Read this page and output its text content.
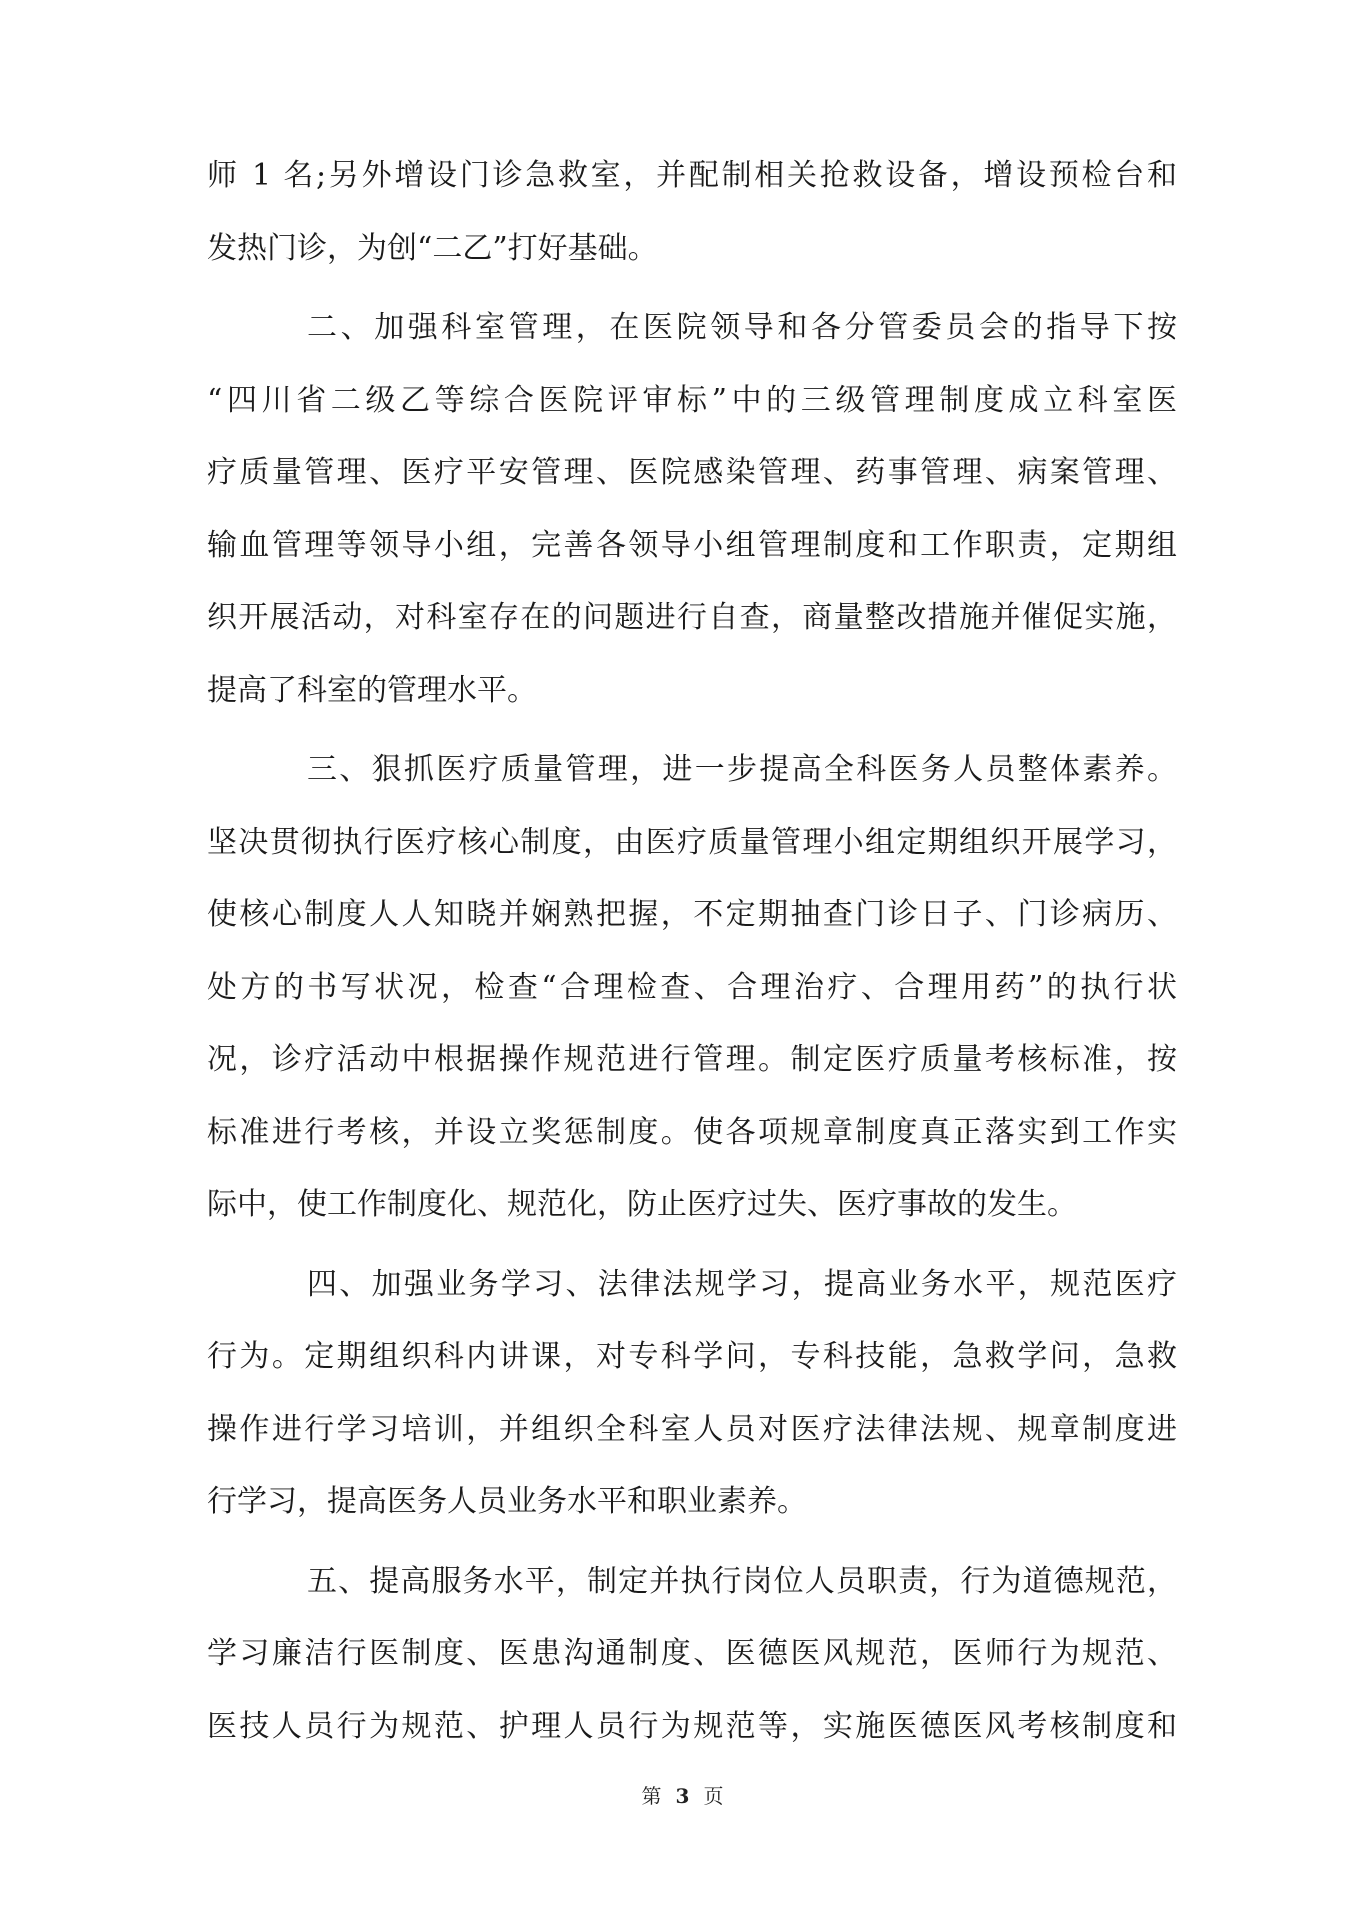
师 1 名;另外增设门诊急救室，并配制相关抢救设备，增设预检台和
发热门诊，为创“二乙”打好基础。
二、加强科室管理，在医院领导和各分管委员会的指导下按
“四川省二级乙等综合医院评审标”中的三级管理制度成立科室医
疗质量管理、医疗平安管理、医院感染管理、药事管理、病案管理、
输血管理等领导小组，完善各领导小组管理制度和工作职责，定期组
织开展活动，对科室存在的问题进行自查，商量整改措施并催促实施，
提高了科室的管理水平。
三、狠抓医疗质量管理，进一步提高全科医务人员整体素养。
坚决贯彻执行医疗核心制度，由医疗质量管理小组定期组织开展学习，
使核心制度人人知晓并娴熟把握，不定期抽查门诊日子、门诊病历、
处方的书写状况，检查“合理检查、合理治疗、合理用药”的执行状
况，诊疗活动中根据操作规范进行管理。制定医疗质量考核标准，按
标准进行考核，并设立奖惩制度。使各项规章制度真正落实到工作实
际中，使工作制度化、规范化，防止医疗过失、医疗事故的发生。
四、加强业务学习、法律法规学习，提高业务水平，规范医疗
行为。定期组织科内讲课，对专科学问，专科技能，急救学问，急救
操作进行学习培训，并组织全科室人员对医疗法律法规、规章制度进
行学习，提高医务人员业务水平和职业素养。
五、提高服务水平，制定并执行岗位人员职责，行为道德规范，
学习廉洁行医制度、医患沟通制度、医德医风规范，医师行为规范、
医技人员行为规范、护理人员行为规范等，实施医德医风考核制度和
第 3 页
